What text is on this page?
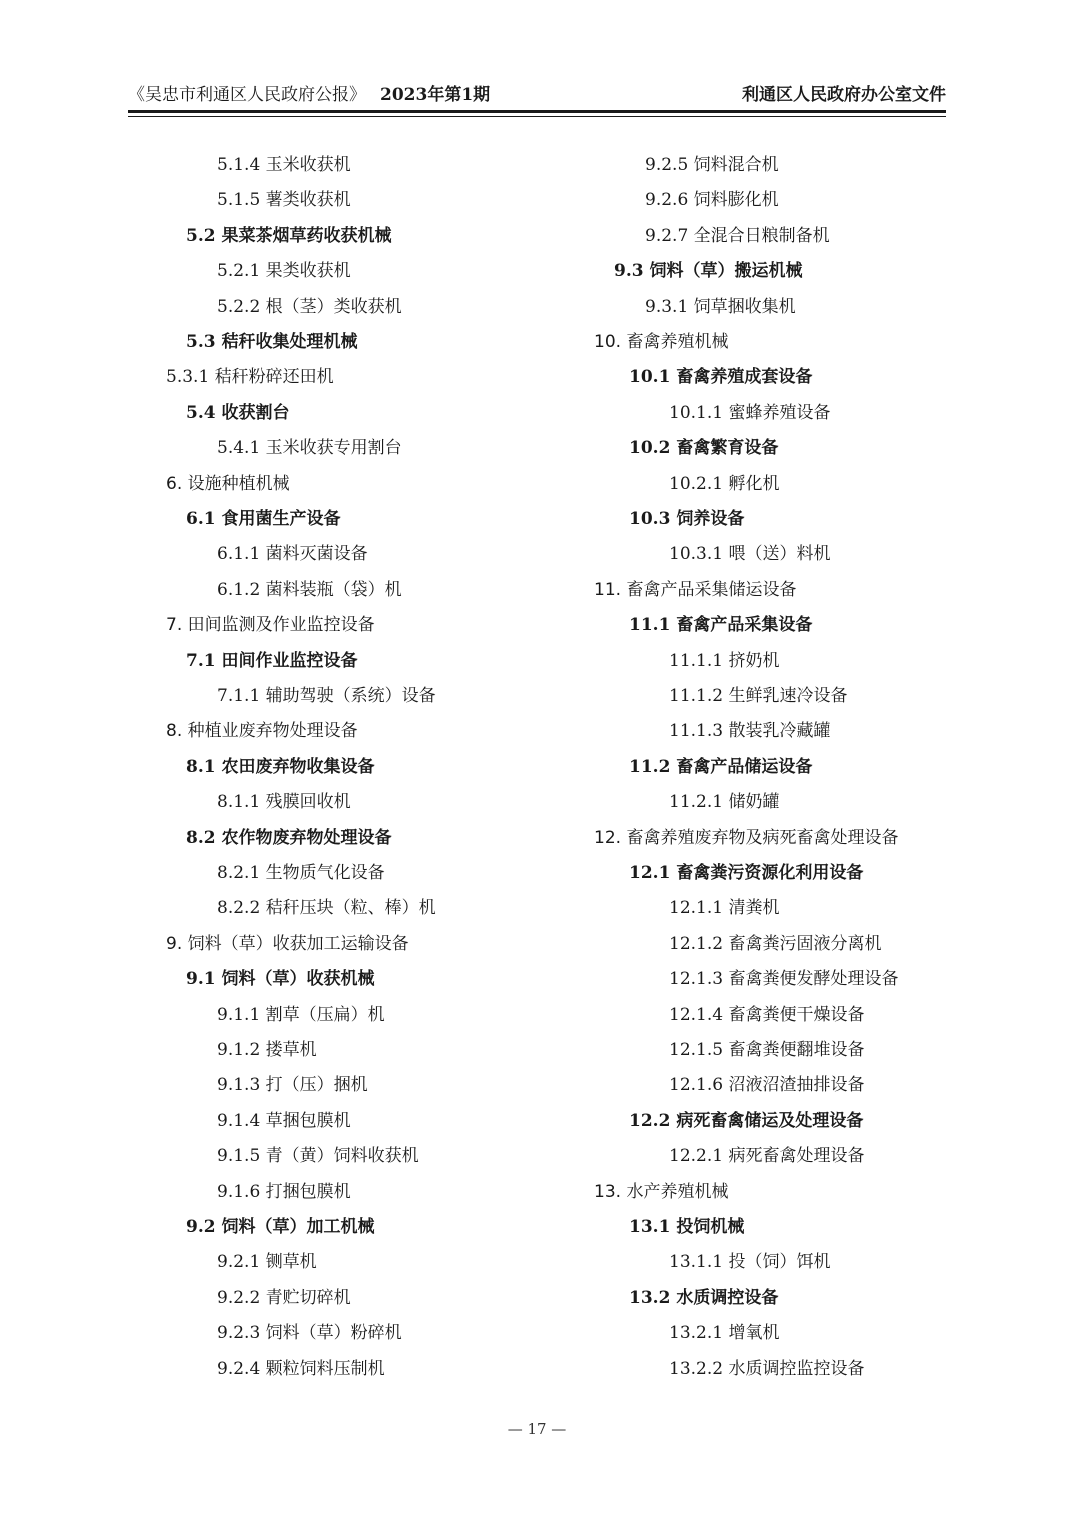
《吴忠市利通区人民政府公报》 2023年第1期	利通区人民政府办公室文件
5.1.4 玉米收获机
5.1.5 薯类收获机
5.2 果菜茶烟草药收获机械
5.2.1 果类收获机
5.2.2 根（茎）类收获机
5.3 秸秆收集处理机械
5.3.1 秸秆粉碎还田机
5.4 收获割台
5.4.1 玉米收获专用割台
6. 设施种植机械
6.1 食用菌生产设备
6.1.1 菌料灭菌设备
6.1.2 菌料装瓶（袋）机
7. 田间监测及作业监控设备
7.1 田间作业监控设备
7.1.1 辅助驾驶（系统）设备
8. 种植业废弃物处理设备
8.1 农田废弃物收集设备
8.1.1 残膜回收机
8.2 农作物废弃物处理设备
8.2.1 生物质气化设备
8.2.2 秸秆压块（粒、棒）机
9. 饲料（草）收获加工运输设备
9.1 饲料（草）收获机械
9.1.1 割草（压扁）机
9.1.2 搂草机
9.1.3 打（压）捆机
9.1.4 草捆包膜机
9.1.5 青（黄）饲料收获机
9.1.6 打捆包膜机
9.2 饲料（草）加工机械
9.2.1 铡草机
9.2.2 青贮切碎机
9.2.3 饲料（草）粉碎机
9.2.4 颗粒饲料压制机
9.2.5 饲料混合机
9.2.6 饲料膨化机
9.2.7 全混合日粮制备机
9.3 饲料（草）搬运机械
9.3.1 饲草捆收集机
10. 畜禽养殖机械
10.1 畜禽养殖成套设备
10.1.1 蜜蜂养殖设备
10.2 畜禽繁育设备
10.2.1 孵化机
10.3 饲养设备
10.3.1 喂（送）料机
11. 畜禽产品采集储运设备
11.1 畜禽产品采集设备
11.1.1 挤奶机
11.1.2 生鲜乳速冷设备
11.1.3 散装乳冷藏罐
11.2 畜禽产品储运设备
11.2.1 储奶罐
12. 畜禽养殖废弃物及病死畜禽处理设备
12.1 畜禽粪污资源化利用设备
12.1.1 清粪机
12.1.2 畜禽粪污固液分离机
12.1.3 畜禽粪便发酵处理设备
12.1.4 畜禽粪便干燥设备
12.1.5 畜禽粪便翻堆设备
12.1.6 沼液沼渣抽排设备
12.2 病死畜禽储运及处理设备
12.2.1 病死畜禽处理设备
13. 水产养殖机械
13.1 投饲机械
13.1.1 投（饲）饵机
13.2 水质调控设备
13.2.1 增氧机
13.2.2 水质调控监控设备
— 17 —
